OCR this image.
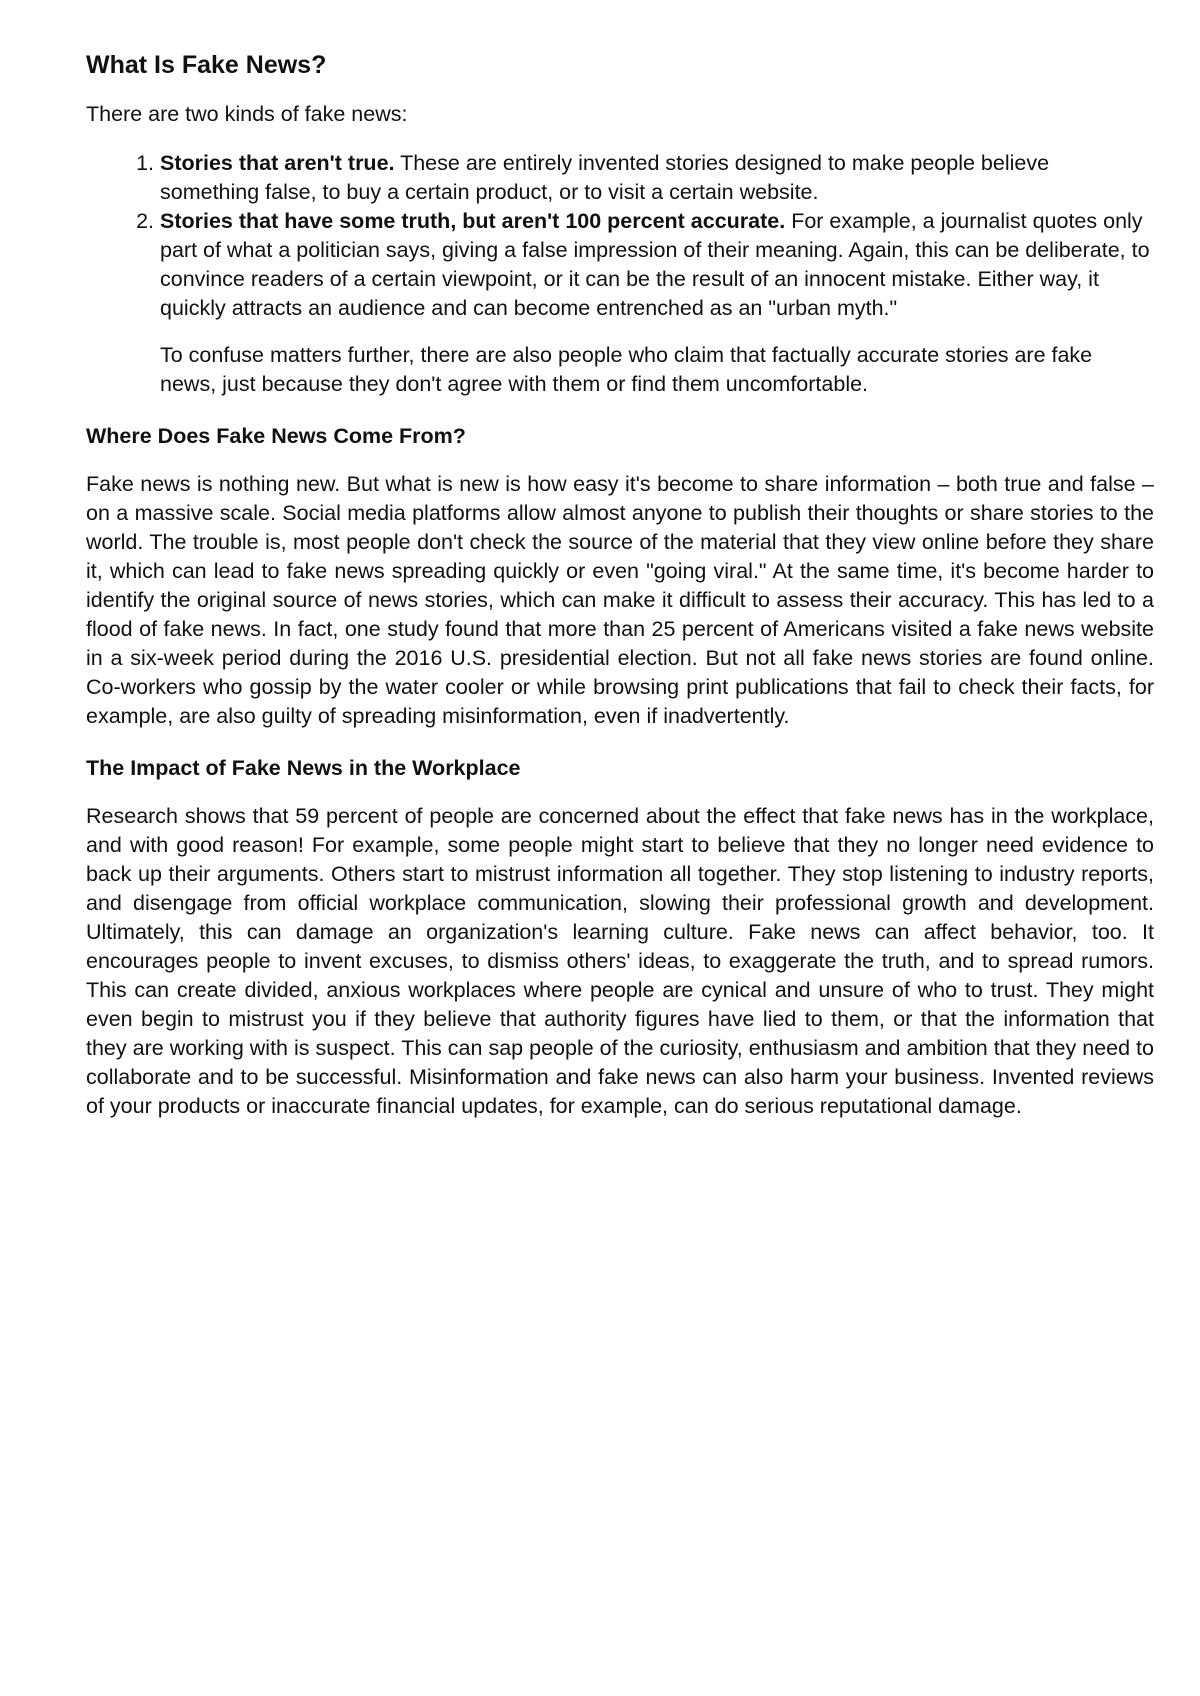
What Is Fake News?

There are two kinds of fake news:

1. Stories that aren't true. These are entirely invented stories designed to make people believe something false, to buy a certain product, or to visit a certain website.
2. Stories that have some truth, but aren't 100 percent accurate. For example, a journalist quotes only part of what a politician says, giving a false impression of their meaning. Again, this can be deliberate, to convince readers of a certain viewpoint, or it can be the result of an innocent mistake. Either way, it quickly attracts an audience and can become entrenched as an "urban myth."

To confuse matters further, there are also people who claim that factually accurate stories are fake news, just because they don't agree with them or find them uncomfortable.

Where Does Fake News Come From?

Fake news is nothing new. But what is new is how easy it's become to share information – both true and false – on a massive scale. Social media platforms allow almost anyone to publish their thoughts or share stories to the world. The trouble is, most people don't check the source of the material that they view online before they share it, which can lead to fake news spreading quickly or even "going viral." At the same time, it's become harder to identify the original source of news stories, which can make it difficult to assess their accuracy. This has led to a flood of fake news. In fact, one study found that more than 25 percent of Americans visited a fake news website in a six-week period during the 2016 U.S. presidential election. But not all fake news stories are found online. Co-workers who gossip by the water cooler or while browsing print publications that fail to check their facts, for example, are also guilty of spreading misinformation, even if inadvertently.

The Impact of Fake News in the Workplace

Research shows that 59 percent of people are concerned about the effect that fake news has in the workplace, and with good reason! For example, some people might start to believe that they no longer need evidence to back up their arguments. Others start to mistrust information all together. They stop listening to industry reports, and disengage from official workplace communication, slowing their professional growth and development. Ultimately, this can damage an organization's learning culture. Fake news can affect behavior, too. It encourages people to invent excuses, to dismiss others' ideas, to exaggerate the truth, and to spread rumors. This can create divided, anxious workplaces where people are cynical and unsure of who to trust. They might even begin to mistrust you if they believe that authority figures have lied to them, or that the information that they are working with is suspect. This can sap people of the curiosity, enthusiasm and ambition that they need to collaborate and to be successful. Misinformation and fake news can also harm your business. Invented reviews of your products or inaccurate financial updates, for example, can do serious reputational damage.
